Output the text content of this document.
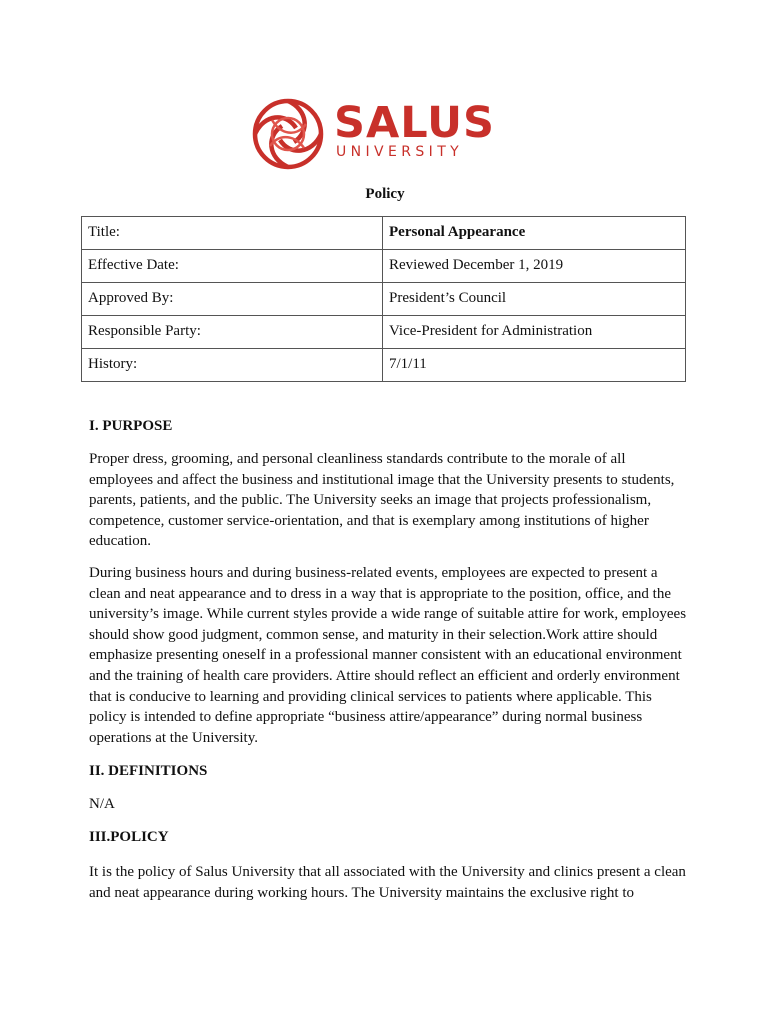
SALUS
UNIVERSITY
Policy
Title:	Personal Appearance
Effective Date:	Reviewed December 1, 2019
Approved By:	President’s Council
Responsible Party:	Vice-President for Administration
History:	7/1/11
I. PURPOSE
Proper dress, grooming, and personal cleanliness standards contribute to the morale of all employees and affect the business and institutional image that the University presents to students, parents, patients, and the public. The University seeks an image that projects professionalism, competence, customer service-orientation, and that is exemplary among institutions of higher education.
During business hours and during business-related events, employees are expected to present a clean and neat appearance and to dress in a way that is appropriate to the position, office, and the university’s image. While current styles provide a wide range of suitable attire for work, employees should show good judgment, common sense, and maturity in their selection.Work attire should emphasize presenting oneself in a professional manner consistent with an educational environment and the training of health care providers. Attire should reflect an efficient and orderly environment that is conducive to learning and providing clinical services to patients where applicable. This policy is intended to define appropriate “business attire/appearance” during normal business operations at the University.
II. DEFINITIONS
N/A
III.POLICY
It is the policy of Salus University that all associated with the University and clinics present a clean and neat appearance during working hours. The University maintains the exclusive right to
